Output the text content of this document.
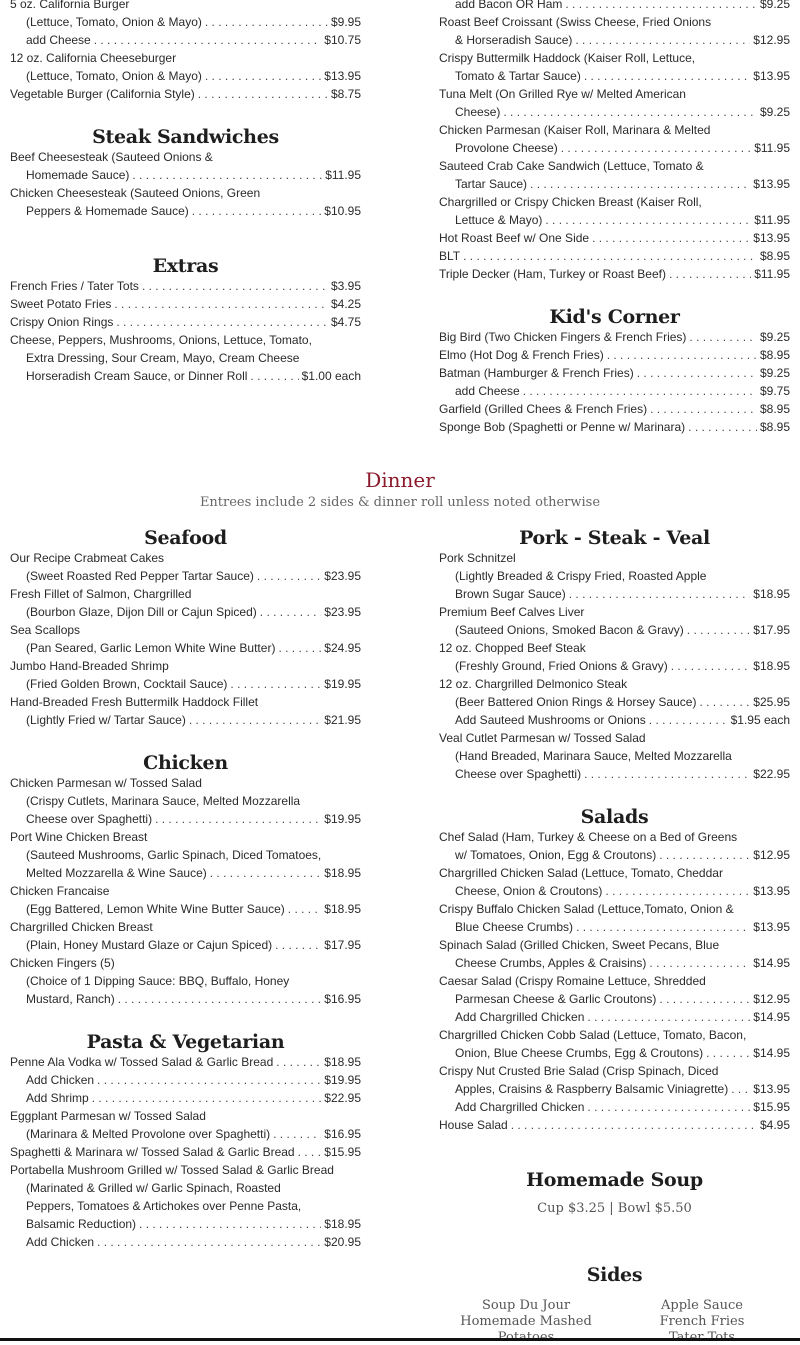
5 oz. California Burger
(Lettuce, Tomato, Onion & Mayo) . . .	$9.95
add Cheese . . .	$10.75
12 oz. California Cheeseburger
(Lettuce, Tomato, Onion & Mayo) . . .	$13.95
Vegetable Burger (California Style) . . .	$8.75
Steak Sandwiches
Beef Cheesesteak (Sauteed Onions &
Homemade Sauce) . . .	$11.95
Chicken Cheesesteak (Sauteed Onions, Green
Peppers & Homemade Sauce) . . .	$10.95
Extras
French Fries / Tater Tots . . .	$3.95
Sweet Potato Fries . . .	$4.25
Crispy Onion Rings . . .	$4.75
Cheese, Peppers, Mushrooms, Onions, Lettuce, Tomato,
Extra Dressing, Sour Cream, Mayo, Cream Cheese
Horseradish Cream Sauce, or Dinner Roll . . .	$1.00 each
Seafood
Our Recipe Crabmeat Cakes
(Sweet Roasted Red Pepper Tartar Sauce) . . .	$23.95
Fresh Fillet of Salmon, Chargrilled
(Bourbon Glaze, Dijon Dill or Cajun Spiced) . . .	$23.95
Sea Scallops
(Pan Seared, Garlic Lemon White Wine Butter) . . .	$24.95
Jumbo Hand-Breaded Shrimp
(Fried Golden Brown, Cocktail Sauce) . . .	$19.95
Hand-Breaded Fresh Buttermilk Haddock Fillet
(Lightly Fried w/ Tartar Sauce) . . .	$21.95
Chicken
Chicken Parmesan w/ Tossed Salad
(Crispy Cutlets, Marinara Sauce, Melted Mozzarella
Cheese over Spaghetti) . . .	$19.95
Port Wine Chicken Breast
(Sauteed Mushrooms, Garlic Spinach, Diced Tomatoes,
Melted Mozzarella & Wine Sauce) . . .	$18.95
Chicken Francaise
(Egg Battered, Lemon White Wine Butter Sauce) . . .	$18.95
Chargrilled Chicken Breast
(Plain, Honey Mustard Glaze or Cajun Spiced) . . .	$17.95
Chicken Fingers (5)
(Choice of 1 Dipping Sauce: BBQ, Buffalo, Honey
Mustard, Ranch) . . .	$16.95
Pasta & Vegetarian
Penne Ala Vodka w/ Tossed Salad & Garlic Bread . . .	$18.95
Add Chicken . . .	$19.95
Add Shrimp . . .	$22.95
Eggplant Parmesan w/ Tossed Salad
(Marinara & Melted Provolone over Spaghetti) . . .	$16.95
Spaghetti & Marinara w/ Tossed Salad & Garlic Bread . . . $15.95
Portabella Mushroom Grilled w/ Tossed Salad & Garlic Bread
(Marinated & Grilled w/ Garlic Spinach, Roasted
Peppers, Tomatoes & Artichokes over Penne Pasta,
Balsamic Reduction) . . .	$18.95
Add Chicken . . .	$20.95
add Bacon OR Ham . . .	$9.25
Roast Beef Croissant (Swiss Cheese, Fried Onions
& Horseradish Sauce) . . .	$12.95
Crispy Buttermilk Haddock (Kaiser Roll, Lettuce,
Tomato & Tartar Sauce) . . .	$13.95
Tuna Melt (On Grilled Rye w/ Melted American
Cheese) . . .	$9.25
Chicken Parmesan (Kaiser Roll, Marinara & Melted
Provolone Cheese) . . .	$11.95
Sauteed Crab Cake Sandwich (Lettuce, Tomato &
Tartar Sauce) . . .	$13.95
Chargrilled or Crispy Chicken Breast (Kaiser Roll,
Lettuce & Mayo) . . .	$11.95
Hot Roast Beef w/ One Side . . .	$13.95
BLT . . .	$8.95
Triple Decker (Ham, Turkey or Roast Beef) . . .	$11.95
Kid's Corner
Big Bird (Two Chicken Fingers & French Fries) . . .	$9.25
Elmo (Hot Dog & French Fries) . . .	$8.95
Batman (Hamburger & French Fries) . . .	$9.25
add Cheese . . .	$9.75
Garfield (Grilled Chees & French Fries) . . .	$8.95
Sponge Bob (Spaghetti or Penne w/ Marinara) . . .	$8.95
Pork - Steak - Veal
Pork Schnitzel
(Lightly Breaded & Crispy Fried, Roasted Apple
Brown Sugar Sauce) . . .	$18.95
Premium Beef Calves Liver
(Sauteed Onions, Smoked Bacon & Gravy) . . .	$17.95
12 oz. Chopped Beef Steak
(Freshly Ground, Fried Onions & Gravy) . . .	$18.95
12 oz. Chargrilled Delmonico Steak
(Beer Battered Onion Rings & Horsey Sauce) . . .	$25.95
Add Sauteed Mushrooms or Onions . . .	$1.95 each
Veal Cutlet Parmesan w/ Tossed Salad
(Hand Breaded, Marinara Sauce, Melted Mozzarella
Cheese over Spaghetti) . . .	$22.95
Salads
Chef Salad (Ham, Turkey & Cheese on a Bed of Greens
w/ Tomatoes, Onion, Egg & Croutons) . . .	$12.95
Chargrilled Chicken Salad (Lettuce, Tomato, Cheddar
Cheese, Onion & Croutons) . . .	$13.95
Crispy Buffalo Chicken Salad (Lettuce,Tomato, Onion &
Blue Cheese Crumbs) . . .	$13.95
Spinach Salad (Grilled Chicken, Sweet Pecans, Blue
Cheese Crumbs, Apples & Craisins) . . .	$14.95
Caesar Salad (Crispy Romaine Lettuce, Shredded
Parmesan Cheese & Garlic Croutons) . . .	$12.95
Add Chargrilled Chicken . . .	$14.95
Chargrilled Chicken Cobb Salad (Lettuce, Tomato, Bacon,
Onion, Blue Cheese Crumbs, Egg & Croutons) . . .	$14.95
Crispy Nut Crusted Brie Salad (Crisp Spinach, Diced
Apples, Craisins & Raspberry Balsamic Viniagrette) . . . $13.95
Add Chargrilled Chicken . . .	$15.95
House Salad . . .	$4.95
Homemade Soup
Cup $3.25 | Bowl $5.50
Sides
Soup Du Jour
Homemade Mashed
Apple Sauce
French Fries
Dinner
Entrees include 2 sides & dinner roll unless noted otherwise
